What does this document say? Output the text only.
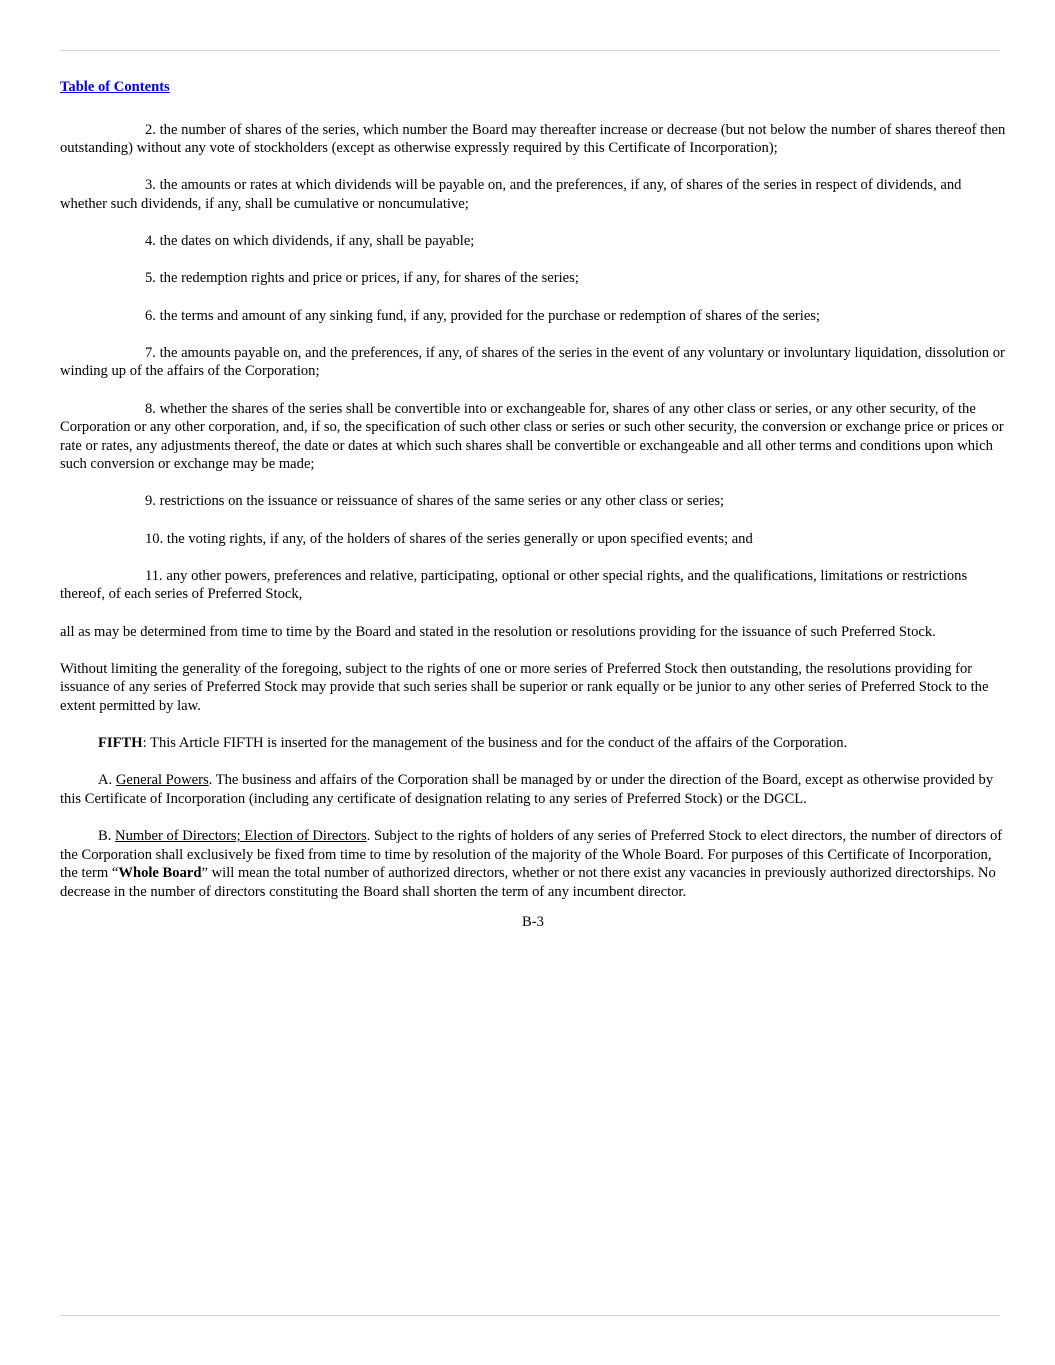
Table of Contents

2. the number of shares of the series, which number the Board may thereafter increase or decrease (but not below the number of shares thereof then outstanding) without any vote of stockholders (except as otherwise expressly required by this Certificate of Incorporation);

3. the amounts or rates at which dividends will be payable on, and the preferences, if any, of shares of the series in respect of dividends, and whether such dividends, if any, shall be cumulative or noncumulative;

4. the dates on which dividends, if any, shall be payable;

5. the redemption rights and price or prices, if any, for shares of the series;

6. the terms and amount of any sinking fund, if any, provided for the purchase or redemption of shares of the series;

7. the amounts payable on, and the preferences, if any, of shares of the series in the event of any voluntary or involuntary liquidation, dissolution or winding up of the affairs of the Corporation;

8. whether the shares of the series shall be convertible into or exchangeable for, shares of any other class or series, or any other security, of the Corporation or any other corporation, and, if so, the specification of such other class or series or such other security, the conversion or exchange price or prices or rate or rates, any adjustments thereof, the date or dates at which such shares shall be convertible or exchangeable and all other terms and conditions upon which such conversion or exchange may be made;

9. restrictions on the issuance or reissuance of shares of the same series or any other class or series;

10. the voting rights, if any, of the holders of shares of the series generally or upon specified events; and

11. any other powers, preferences and relative, participating, optional or other special rights, and the qualifications, limitations or restrictions thereof, of each series of Preferred Stock,

all as may be determined from time to time by the Board and stated in the resolution or resolutions providing for the issuance of such Preferred Stock.

Without limiting the generality of the foregoing, subject to the rights of one or more series of Preferred Stock then outstanding, the resolutions providing for issuance of any series of Preferred Stock may provide that such series shall be superior or rank equally or be junior to any other series of Preferred Stock to the extent permitted by law.

FIFTH: This Article FIFTH is inserted for the management of the business and for the conduct of the affairs of the Corporation.

A. General Powers. The business and affairs of the Corporation shall be managed by or under the direction of the Board, except as otherwise provided by this Certificate of Incorporation (including any certificate of designation relating to any series of Preferred Stock) or the DGCL.

B. Number of Directors; Election of Directors. Subject to the rights of holders of any series of Preferred Stock to elect directors, the number of directors of the Corporation shall exclusively be fixed from time to time by resolution of the majority of the Whole Board. For purposes of this Certificate of Incorporation, the term “Whole Board” will mean the total number of authorized directors, whether or not there exist any vacancies in previously authorized directorships. No decrease in the number of directors constituting the Board shall shorten the term of any incumbent director.

B-3
